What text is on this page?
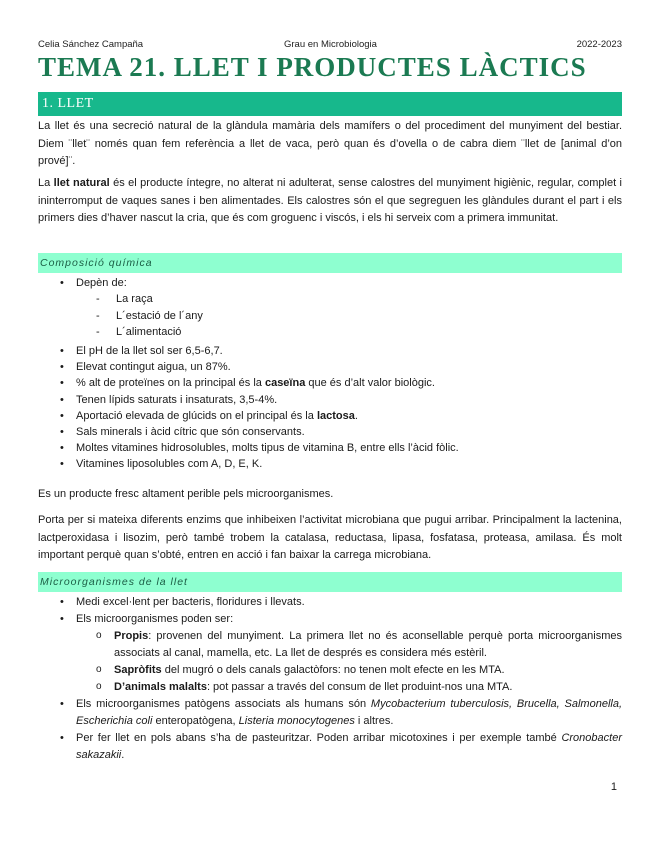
Celia Sánchez Campaña	Grau en Microbiologia	2022-2023
TEMA 21. LLET I PRODUCTES LÀCTICS
1. LLET

La llet és una secreció natural de la glàndula mamària dels mamífers o del procediment del munyiment del bestiar. Diem ¨llet¨ només quan fem referència a llet de vaca, però quan és d’ovella o de cabra diem ¨llet de [animal d’on prové]¨.

La llet natural és el producte íntegre, no alterat ni adulterat, sense calostres del munyiment higiènic, regular, complet i ininterromput de vaques sanes i ben alimentades. Els calostres són el que segreguen les glàndules durant el part i els primers dies d’haver nascut la cria, que és com groguenc i viscós, i els hi serveix com a primera immunitat.

Composició química
• Depèn de:
- La raça
- L´estació de l´any
- L´alimentació
• El pH de la llet sol ser 6,5-6,7.
• Elevat contingut aigua, un 87%.
• % alt de proteïnes on la principal és la caseïna que és d’alt valor biològic.
• Tenen lípids saturats i insaturats, 3,5-4%.
• Aportació elevada de glúcids on el principal és la lactosa.
• Sals minerals i àcid cítric que són conservants.
• Moltes vitamines hidrosolubles, molts tipus de vitamina B, entre ells l’àcid fòlic.
• Vitamines liposolubles com A, D, E, K.

Es un producte fresc altament perible pels microorganismes.

Porta per si mateixa diferents enzims que inhibeixen l’activitat microbiana que pugui arribar. Principalment la lactenina, lactperoxidasa i lisozim, però també trobem la catalasa, reductasa, lipasa, fosfatasa, proteasa, amilasa. És molt important perquè quan s’obté, entren en acció i fan baixar la carrega microbiana.

Microorganismes de la llet
• Medi excel·lent per bacteris, floridures i llevats.
• Els microorganismes poden ser:
o Propis: provenen del munyiment. La primera llet no és aconsellable perquè porta microorganismes associats al canal, mamella, etc. La llet de després es considera més estèril.
o Sapròfits del mugró o dels canals galactòfors: no tenen molt efecte en les MTA.
o D’animals malalts: pot passar a través del consum de llet produint-nos una MTA.
• Els microorganismes patògens associats als humans són Mycobacterium tuberculosis, Brucella, Salmonella, Escherichia coli enteropatògena, Listeria monocytogenes i altres.
• Per fer llet en pols abans s’ha de pasteuritzar. Poden arribar micotoxines i per exemple també Cronobacter sakazakii.
1
